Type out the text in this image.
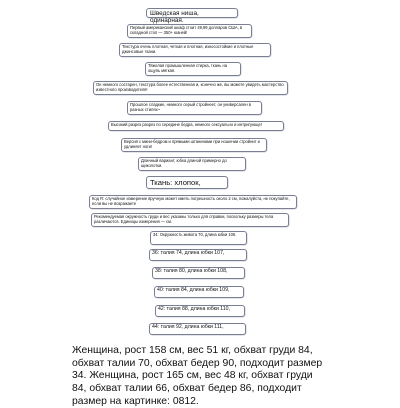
Шведская ниша, одинарная.
Первый американский шкаф стоит 49,99 долларов США, в складной стоп — 350+ юаней!
Текстура очень плотная, четкая и плотная, износостойкие и плотные джинсовые ткани.
Тяжелая промышленная стирка, ткань на ощупь мягкая.
Он немного состарен, текстура более естественная и, конечно же, вы можете увидеть мастерство известного производителя!
Прошлое сладкие, немного серый стройнеет, он универсален в разных стилях~
Высокий разрез разрез по середине бедра, немного сексуально и интригующе!
Версия с мини-бедром и прямыми штанинами при ношении стройнит и удлиняет ноги!
Длинный вариант, юбка длиной примерно до щиколотки.
Ткань: хлопок,
Код R: случайное измерение вручную может иметь погрешность около 2 см, пожалуйста, не покупайте, если вы не возражаете
Рекомендуемая окружность груди и вес указаны только для справки, поскольку размеры тела различаются. Единицы измерения — см.
34: Окружность живота 70, длина юбки 106.
36: талия 74, длина юбки 107,
38: талия 80, длина юбки 108,
40: талия 84, длина юбки 109,
42: талия 88, длина юбки 110,
44: талия 92, длина юбки 111,
Женщина, рост 158 см, вес 51 кг, обхват груди 84, обхват талии 70, обхват бедер 90, подходит размер 34. Женщина, рост 165 см, вес 48 кг, обхват груди 84, обхват талии 66, обхват бедер 86, подходит размер на картинке: 0812.
